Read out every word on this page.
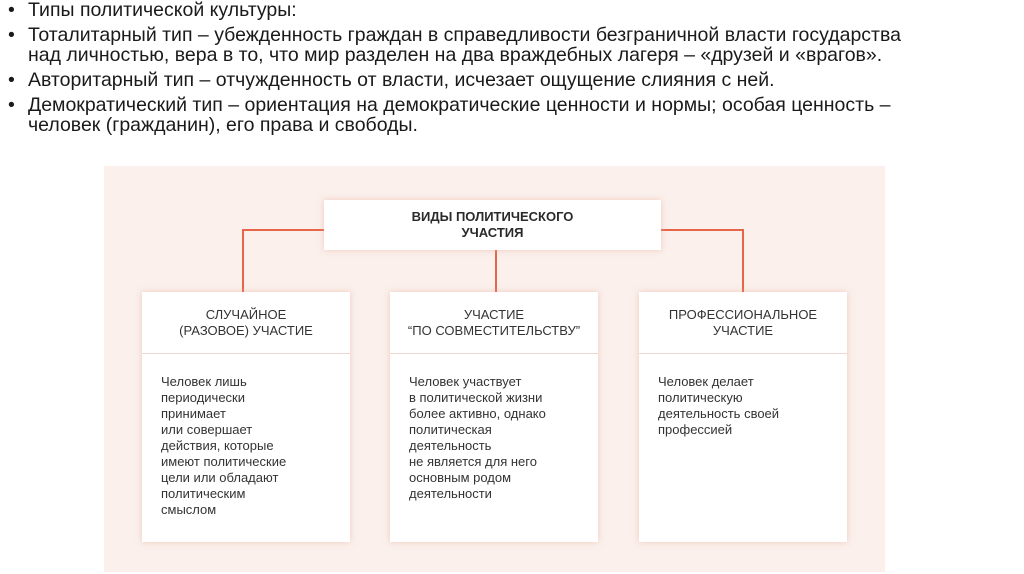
• Типы политической культуры:
• Тоталитарный тип – убежденность граждан в справедливости безграничной власти государства
над личностью, вера в то, что мир разделен на два враждебных лагеря – «друзей и «врагов».
• Авторитарный тип – отчужденность от власти, исчезает ощущение слияния с ней.
• Демократический тип – ориентация на демократические ценности и нормы; особая ценность –
человек (гражданин), его права и свободы.
ВИДЫ ПОЛИТИЧЕСКОГО
УЧАСТИЯ
СЛУЧАЙНОЕ
(РАЗОВОЕ) УЧАСТИЕ
Человек лишь
периодически
принимает
или совершает
действия, которые
имеют политические
цели или обладают
политическим
смыслом
УЧАСТИЕ
“ПО СОВМЕСТИТЕЛЬСТВУ”
Человек участвует
в политической жизни
более активно, однако
политическая
деятельность
не является для него
основным родом
деятельности
ПРОФЕССИОНАЛЬНОЕ
УЧАСТИЕ
Человек делает
политическую
деятельность своей
профессией
